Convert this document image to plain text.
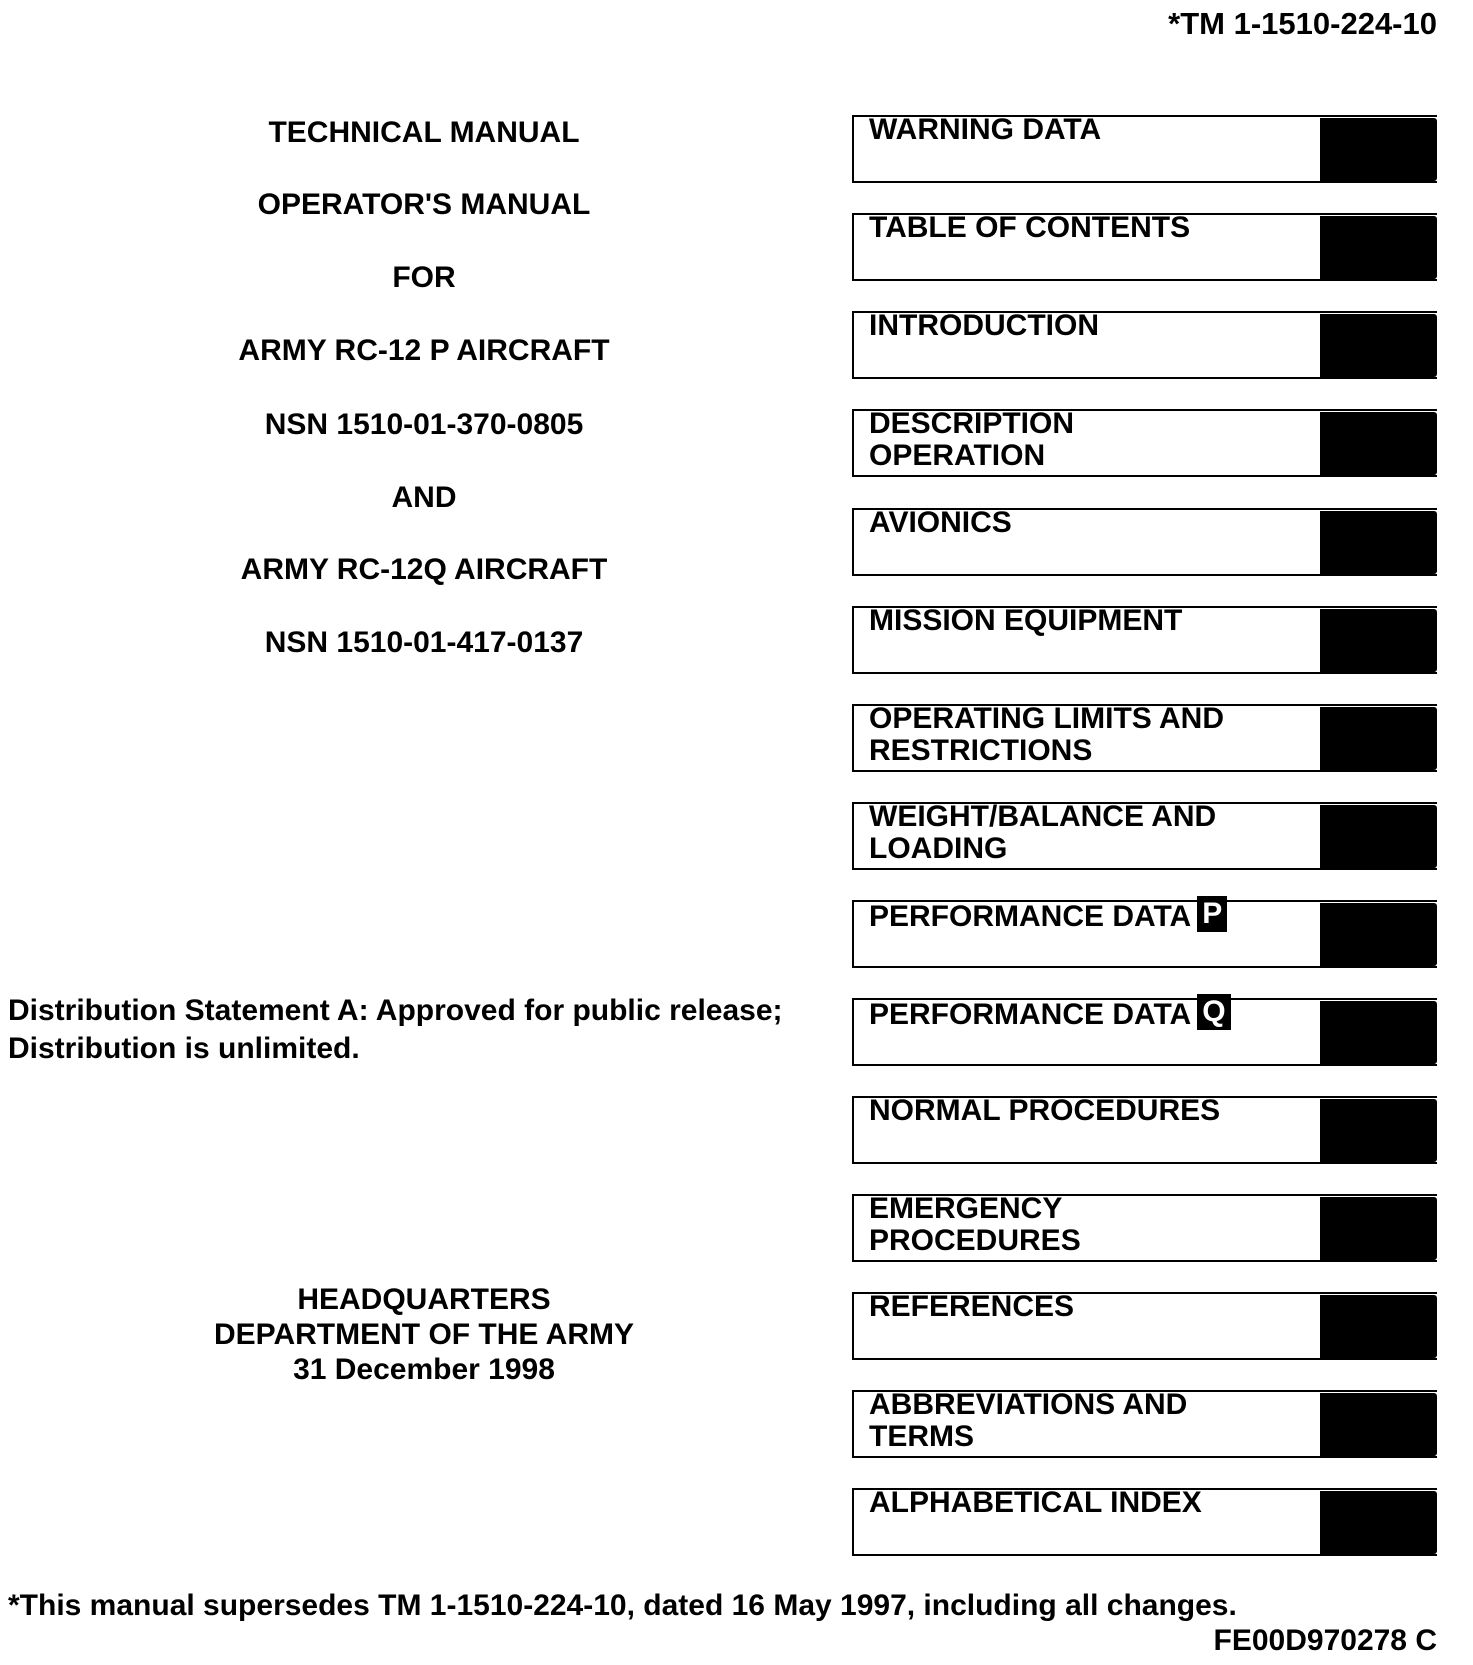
*TM 1-1510-224-10
TECHNICAL MANUAL
OPERATOR'S MANUAL
FOR
ARMY RC-12 P AIRCRAFT
NSN 1510-01-370-0805
AND
ARMY RC-12Q AIRCRAFT
NSN 1510-01-417-0137
Distribution Statement A: Approved for public release;
Distribution is unlimited.
HEADQUARTERS
DEPARTMENT OF THE ARMY
31 December 1998
WARNING DATA
TABLE OF CONTENTS
INTRODUCTION
DESCRIPTION
OPERATION
AVIONICS
MISSION EQUIPMENT
OPERATING LIMITS AND
RESTRICTIONS
WEIGHT/BALANCE AND
LOADING
PERFORMANCE DATA P
PERFORMANCE DATA Q
NORMAL PROCEDURES
EMERGENCY
PROCEDURES
REFERENCES
ABBREVIATIONS AND
TERMS
ALPHABETICAL INDEX
*This manual supersedes TM 1-1510-224-10, dated 16 May 1997, including all changes.
FE00D970278 C
